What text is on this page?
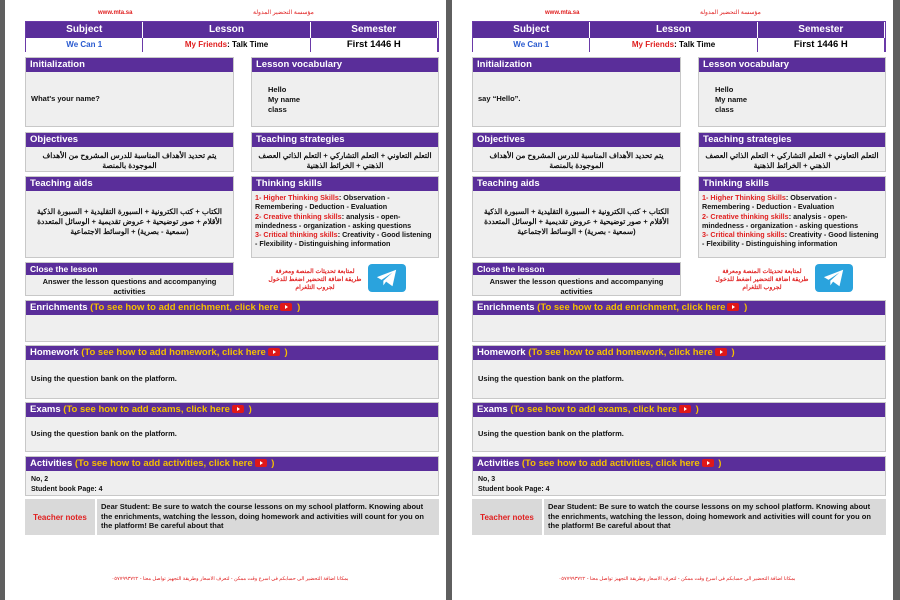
www.mta.sa	مؤسسة التحضير المدولة
Subject	Lesson	Semester
We Can 1	My Friends: Talk Time	First 1446 H
Initialization
What's your name?
Lesson vocabulary
Hello
My name
class
Objectives
يتم تحديد الأهداف المناسبة للدرس المشروح من الأهداف الموجودة بالمنصة
Teaching strategies
التعلم التعاوني + التعلم التشاركي + التعلم الذاتي العصف الذهني + الخرائط الذهنية
Teaching aids
الكتاب + كتب الكترونية + السبورة التقليدية + السبورة الذكية الأقلام + صور توضيحية + عروض تقديمية + الوسائل المتعددة (سمعية - بصرية) + الوسائط الاجتماعية
Thinking skills
1- Higher Thinking Skills: Observation - Remembering - Deduction - Evaluation
2- Creative thinking skills: analysis - open-mindedness - organization - asking questions
3- Critical thinking skills: Creativity - Good listening - Flexibility - Distinguishing information
Close the lesson
Answer the lesson questions and accompanying activities
لمتابعة تحديثات المنصة ومعرفة طريقة اضافة التحضير اضغط للدخول لجروب التلغرام
Enrichments (To see how to add enrichment, click here )
Homework (To see how to add homework, click here )
Using the question bank on the platform.
Exams (To see how to add exams, click here )
Using the question bank on the platform.
Activities (To see how to add activities, click here )
No, 2
Student book Page: 4
Teacher notes
Dear Student: Be sure to watch the course lessons on my school platform. Knowing about the enrichments, watching the lesson, doing homework and activities will count for you on the platform! Be careful about that
بمكانا اضافة التحضير الى حسابكم في اسرع وقت ممكن - لتعرف الاسعار وطريقة التجهيز تواصل معنا - ٠٥٧٧٩٩٣٧٢٢
www.mta.sa	مؤسسة التحضير المدولة
Subject	Lesson	Semester
We Can 1	My Friends: Talk Time	First 1446 H
Initialization
say “Hello”.
Lesson vocabulary
Hello
My name
class
Objectives
يتم تحديد الأهداف المناسبة للدرس المشروح من الأهداف الموجودة بالمنصة
Teaching strategies
التعلم التعاوني + التعلم التشاركي + التعلم الذاتي العصف الذهني + الخرائط الذهنية
Teaching aids
الكتاب + كتب الكترونية + السبورة التقليدية + السبورة الذكية الأقلام + صور توضيحية + عروض تقديمية + الوسائل المتعددة (سمعية - بصرية) + الوسائط الاجتماعية
Thinking skills
1- Higher Thinking Skills: Observation - Remembering - Deduction - Evaluation
2- Creative thinking skills: analysis - open-mindedness - organization - asking questions
3- Critical thinking skills: Creativity - Good listening - Flexibility - Distinguishing information
Close the lesson
Answer the lesson questions and accompanying activities
لمتابعة تحديثات المنصة ومعرفة طريقة اضافة التحضير اضغط للدخول لجروب التلغرام
Enrichments (To see how to add enrichment, click here )
Homework (To see how to add homework, click here )
Using the question bank on the platform.
Exams (To see how to add exams, click here )
Using the question bank on the platform.
Activities (To see how to add activities, click here )
No, 3
Student book Page: 4
Teacher notes
Dear Student: Be sure to watch the course lessons on my school platform. Knowing about the enrichments, watching the lesson, doing homework and activities will count for you on the platform! Be careful about that
بمكانا اضافة التحضير الى حسابكم في اسرع وقت ممكن - لتعرف الاسعار وطريقة التجهيز تواصل معنا - ٠٥٧٧٩٩٣٧٢٢
